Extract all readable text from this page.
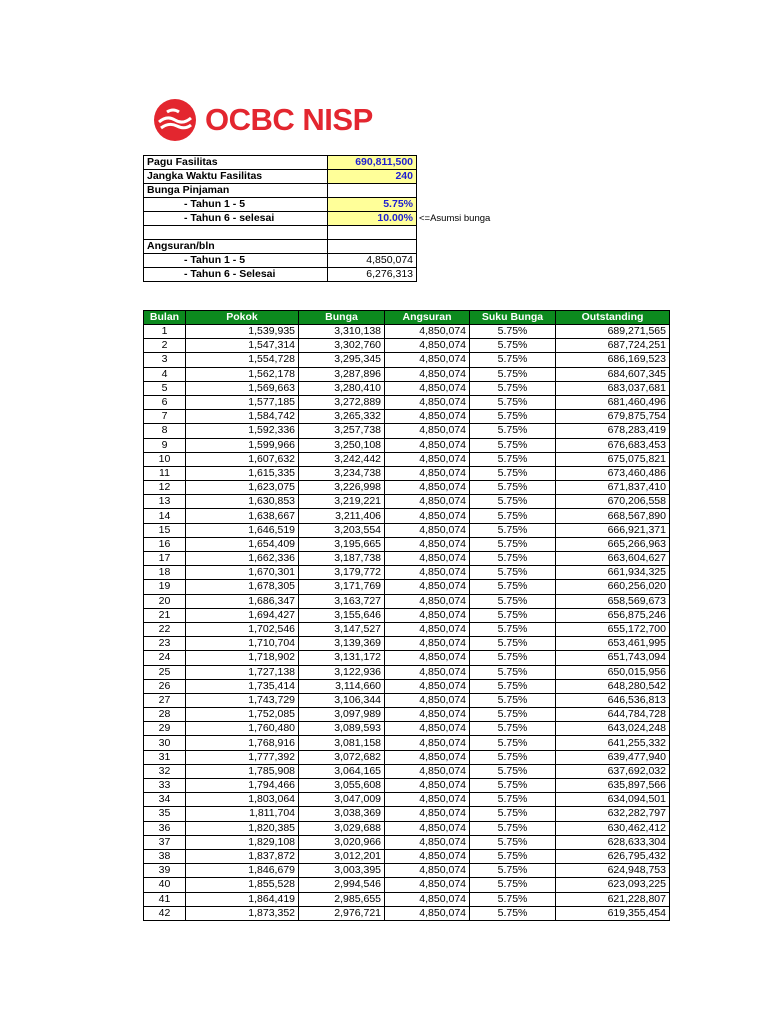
OCBC NISP
Pagu Fasilitas	690,811,500	
Jangka Waktu Fasilitas	240	
Bunga Pinjaman		
- Tahun 1 - 5	5.75%	
- Tahun 6 - selesai	10.00%	<=Asumsi bunga

Angsuran/bln		
- Tahun 1 - 5	4,850,074	
- Tahun 6 - Selesai	6,276,313	
Bulan	Pokok	Bunga	Angsuran	Suku Bunga	Outstanding
1	1,539,935	3,310,138	4,850,074	5.75%	689,271,565
2	1,547,314	3,302,760	4,850,074	5.75%	687,724,251
3	1,554,728	3,295,345	4,850,074	5.75%	686,169,523
4	1,562,178	3,287,896	4,850,074	5.75%	684,607,345
5	1,569,663	3,280,410	4,850,074	5.75%	683,037,681
6	1,577,185	3,272,889	4,850,074	5.75%	681,460,496
7	1,584,742	3,265,332	4,850,074	5.75%	679,875,754
8	1,592,336	3,257,738	4,850,074	5.75%	678,283,419
9	1,599,966	3,250,108	4,850,074	5.75%	676,683,453
10	1,607,632	3,242,442	4,850,074	5.75%	675,075,821
11	1,615,335	3,234,738	4,850,074	5.75%	673,460,486
12	1,623,075	3,226,998	4,850,074	5.75%	671,837,410
13	1,630,853	3,219,221	4,850,074	5.75%	670,206,558
14	1,638,667	3,211,406	4,850,074	5.75%	668,567,890
15	1,646,519	3,203,554	4,850,074	5.75%	666,921,371
16	1,654,409	3,195,665	4,850,074	5.75%	665,266,963
17	1,662,336	3,187,738	4,850,074	5.75%	663,604,627
18	1,670,301	3,179,772	4,850,074	5.75%	661,934,325
19	1,678,305	3,171,769	4,850,074	5.75%	660,256,020
20	1,686,347	3,163,727	4,850,074	5.75%	658,569,673
21	1,694,427	3,155,646	4,850,074	5.75%	656,875,246
22	1,702,546	3,147,527	4,850,074	5.75%	655,172,700
23	1,710,704	3,139,369	4,850,074	5.75%	653,461,995
24	1,718,902	3,131,172	4,850,074	5.75%	651,743,094
25	1,727,138	3,122,936	4,850,074	5.75%	650,015,956
26	1,735,414	3,114,660	4,850,074	5.75%	648,280,542
27	1,743,729	3,106,344	4,850,074	5.75%	646,536,813
28	1,752,085	3,097,989	4,850,074	5.75%	644,784,728
29	1,760,480	3,089,593	4,850,074	5.75%	643,024,248
30	1,768,916	3,081,158	4,850,074	5.75%	641,255,332
31	1,777,392	3,072,682	4,850,074	5.75%	639,477,940
32	1,785,908	3,064,165	4,850,074	5.75%	637,692,032
33	1,794,466	3,055,608	4,850,074	5.75%	635,897,566
34	1,803,064	3,047,009	4,850,074	5.75%	634,094,501
35	1,811,704	3,038,369	4,850,074	5.75%	632,282,797
36	1,820,385	3,029,688	4,850,074	5.75%	630,462,412
37	1,829,108	3,020,966	4,850,074	5.75%	628,633,304
38	1,837,872	3,012,201	4,850,074	5.75%	626,795,432
39	1,846,679	3,003,395	4,850,074	5.75%	624,948,753
40	1,855,528	2,994,546	4,850,074	5.75%	623,093,225
41	1,864,419	2,985,655	4,850,074	5.75%	621,228,807
42	1,873,352	2,976,721	4,850,074	5.75%	619,355,454
